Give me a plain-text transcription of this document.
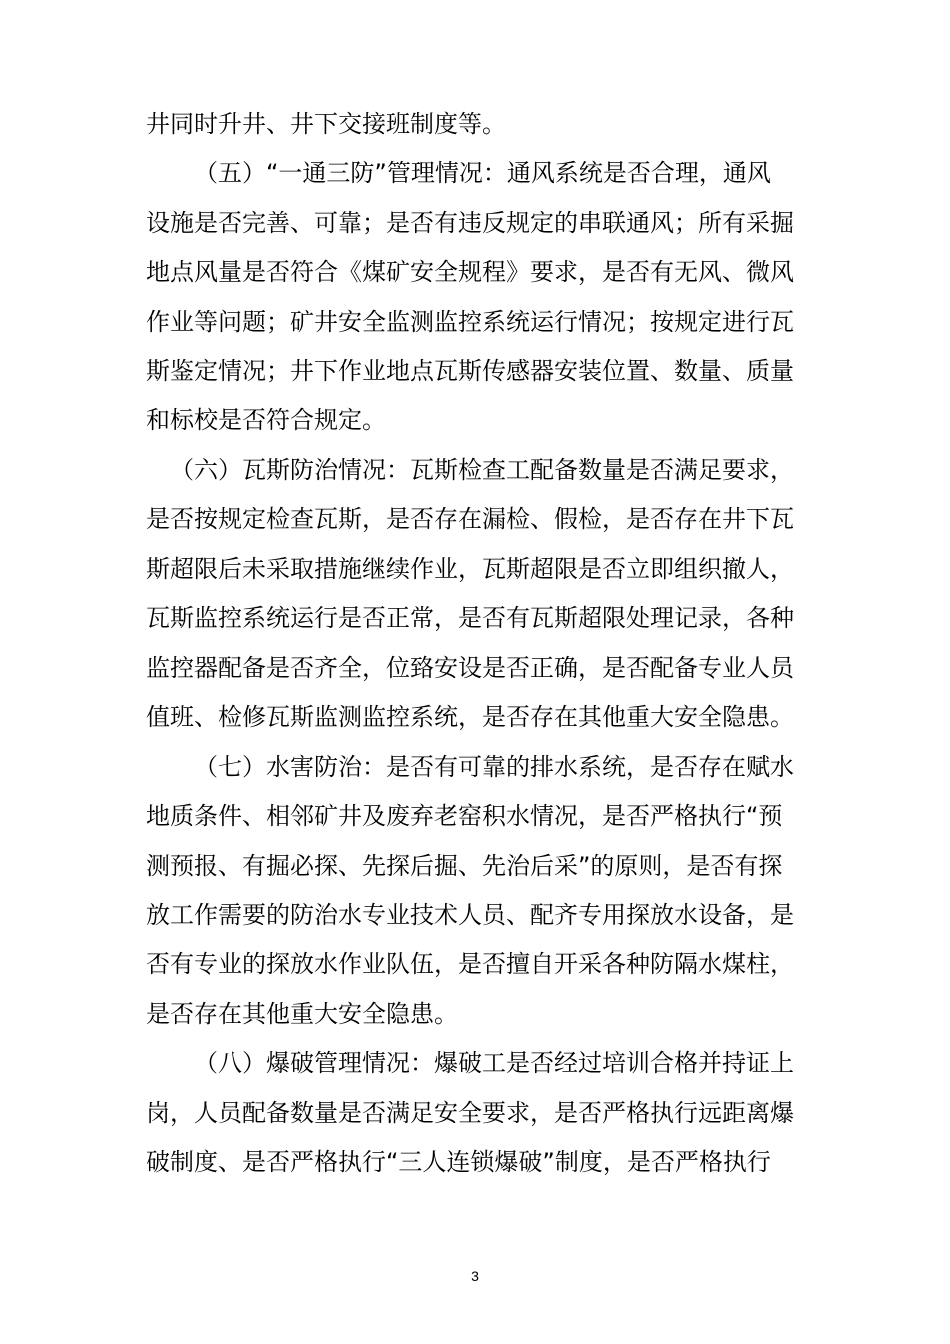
井同时升井、井下交接班制度等。
（五）“一通三防”管理情况：通风系统是否合理，通风
设施是否完善、可靠；是否有违反规定的串联通风；所有采掘
地点风量是否符合《煤矿安全规程》要求，是否有无风、微风
作业等问题；矿井安全监测监控系统运行情况；按规定进行瓦
斯鉴定情况；井下作业地点瓦斯传感器安装位置、数量、质量
和标校是否符合规定。
（六）瓦斯防治情况：瓦斯检查工配备数量是否满足要求，
是否按规定检查瓦斯，是否存在漏检、假检，是否存在井下瓦
斯超限后未采取措施继续作业，瓦斯超限是否立即组织撤人，
瓦斯监控系统运行是否正常，是否有瓦斯超限处理记录，各种
监控器配备是否齐全，位臵安设是否正确，是否配备专业人员
值班、检修瓦斯监测监控系统，是否存在其他重大安全隐患。
（七）水害防治：是否有可靠的排水系统，是否存在赋水
地质条件、相邻矿井及废弃老窑积水情况，是否严格执行“预
测预报、有掘必探、先探后掘、先治后采”的原则，是否有探
放工作需要的防治水专业技术人员、配齐专用探放水设备，是
否有专业的探放水作业队伍，是否擅自开采各种防隔水煤柱，
是否存在其他重大安全隐患。
（八）爆破管理情况：爆破工是否经过培训合格并持证上
岗，人员配备数量是否满足安全要求，是否严格执行远距离爆
破制度、是否严格执行“三人连锁爆破”制度，是否严格执行
3
